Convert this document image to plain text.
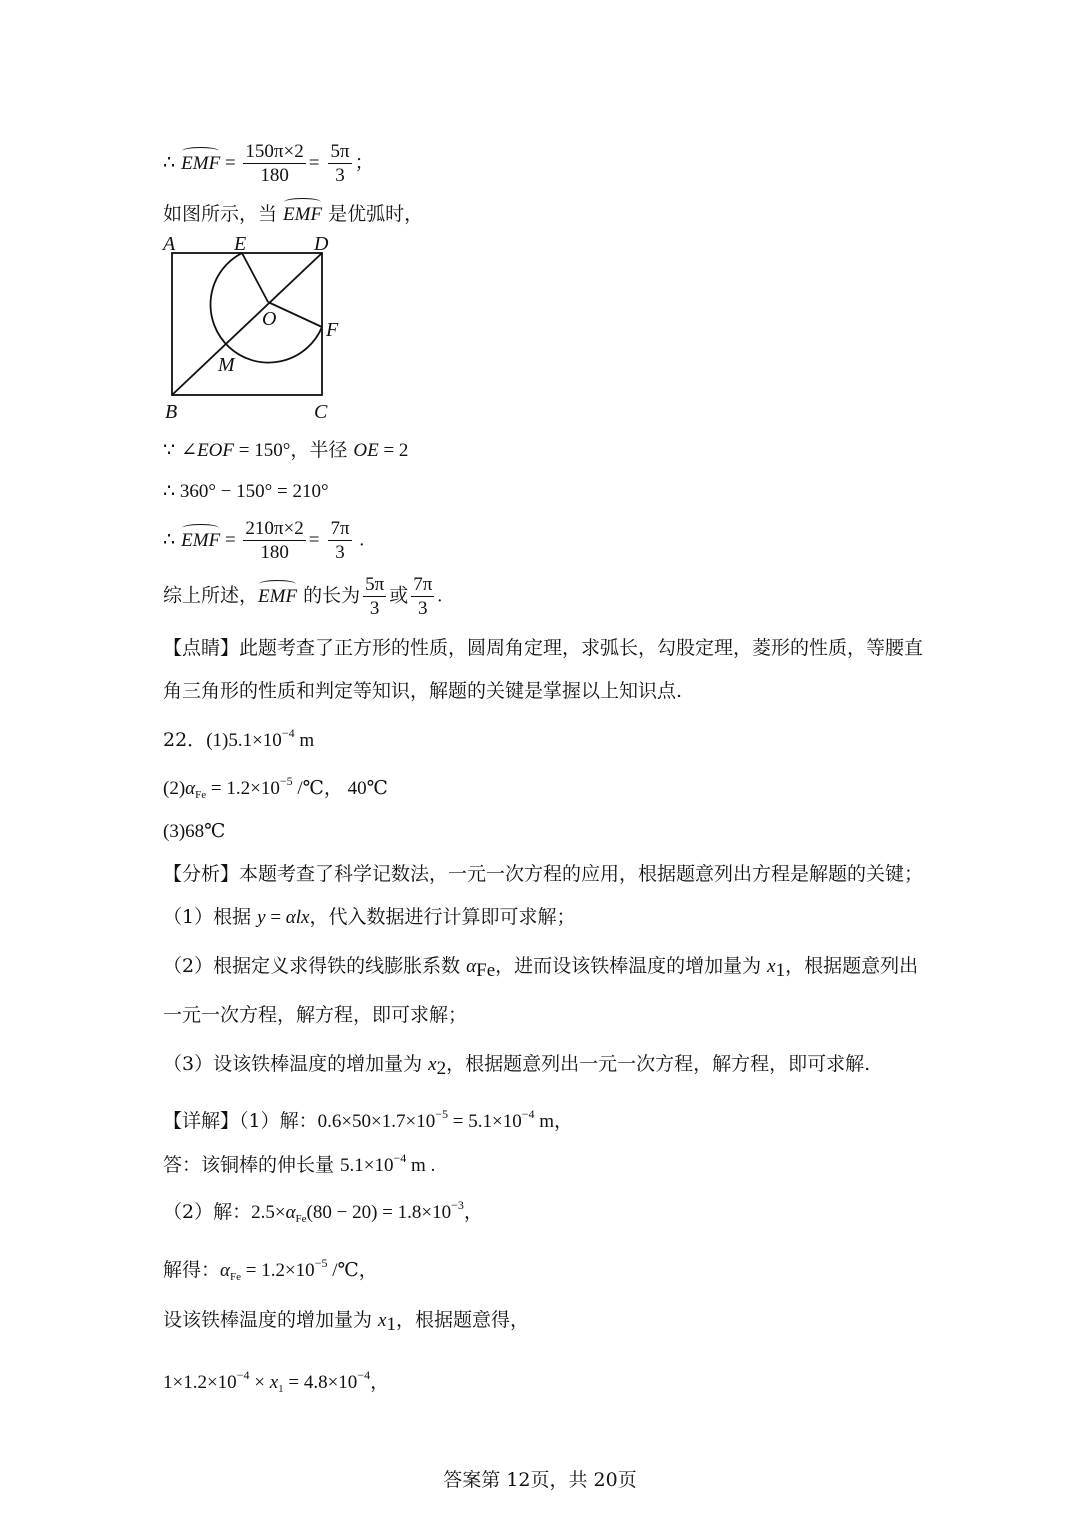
∴ EMF = $\frac{150\pi\times 2}{180} = \frac{5\pi}{3}$ ；
如图所示，当 EMF 是优弧时，
A	E	D
O F
M
B	C
∵ ∠EOF = 150°，半径 OE = 2
∴ 360° − 150° = 210°
∴ EMF = $\frac{210\pi\times 2}{180} = \frac{7\pi}{3}$ .
综上所述，EMF 的长为 $\frac{5\pi}{3}$ 或 $\frac{7\pi}{3}$ .
【点睛】此题考查了正方形的性质，圆周角定理，求弧长，勾股定理，菱形的性质，等腰直
角三角形的性质和判定等知识，解题的关键是掌握以上知识点.
22．$(1)5.1\times 10^{-4}$ m
$(2)\alpha_{Fe} = 1.2\times 10^{-5}$ /℃， 40℃
(3)68℃
【分析】本题考查了科学记数法，一元一次方程的应用，根据题意列出方程是解题的关键；
（1）根据 y = αlx，代入数据进行计算即可求解；
（2）根据定义求得铁的线膨胀系数 $\alpha_{Fe}$，进而设该铁棒温度的增加量为 $x_1$，根据题意列出
一元一次方程，解方程，即可求解；
（3）设该铁棒温度的增加量为 $x_2$，根据题意列出一元一次方程，解方程，即可求解.
【详解】（1）解：$0.6\times 50\times 1.7\times 10^{-5} = 5.1\times 10^{-4}$ m，
答：该铜棒的伸长量 $5.1\times 10^{-4}$ m .
（2）解：$2.5\times\alpha_{Fe}(80 - 20) = 1.8\times 10^{-3}$，
解得：$\alpha_{Fe} = 1.2\times 10^{-5}$ /℃，
设该铁棒温度的增加量为 $x_1$，根据题意得，
$1\times 1.2\times 10^{-4} \times x_1 = 4.8\times 10^{-4}$，
答案第 12页，共 20页
